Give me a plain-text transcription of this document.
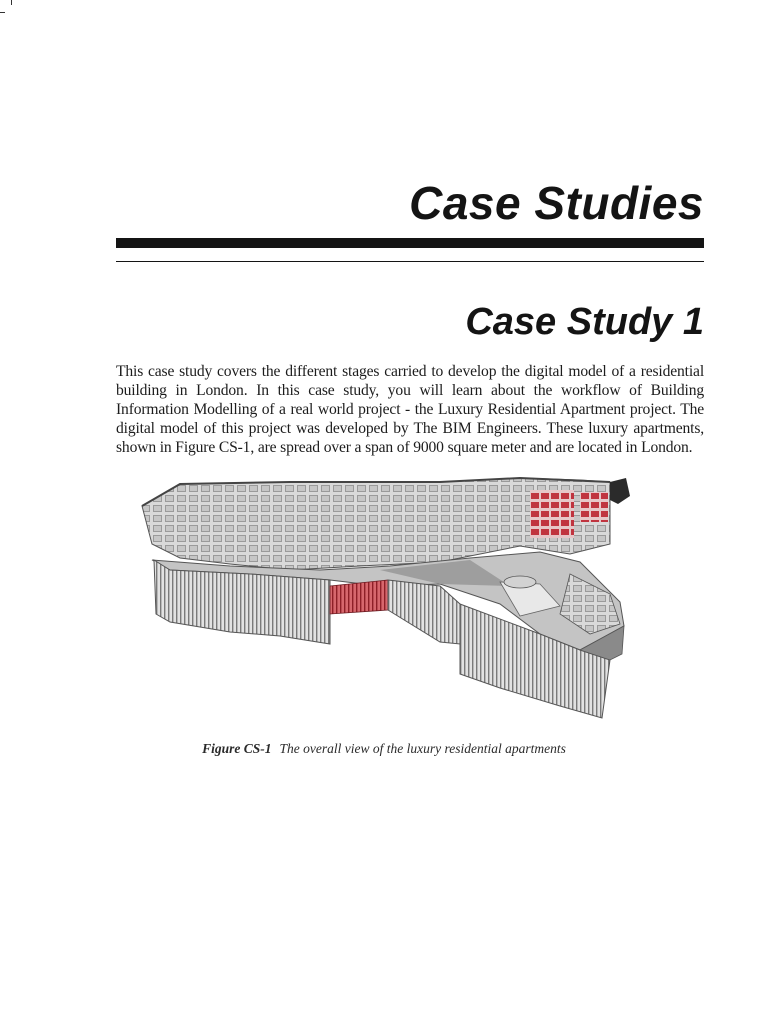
Case Studies
Case Study 1

This case study covers the different stages carried to develop the digital model of a residential building in London. In this case study, you will learn about the workflow of Building Information Modelling of a real world project - the Luxury Residential Apartment project. The digital model of this project was developed by The BIM Engineers. These luxury apartments, shown in Figure CS-1, are spread over a span of 9000 square meter and are located in London.

Figure CS-1 The overall view of the luxury residential apartments
